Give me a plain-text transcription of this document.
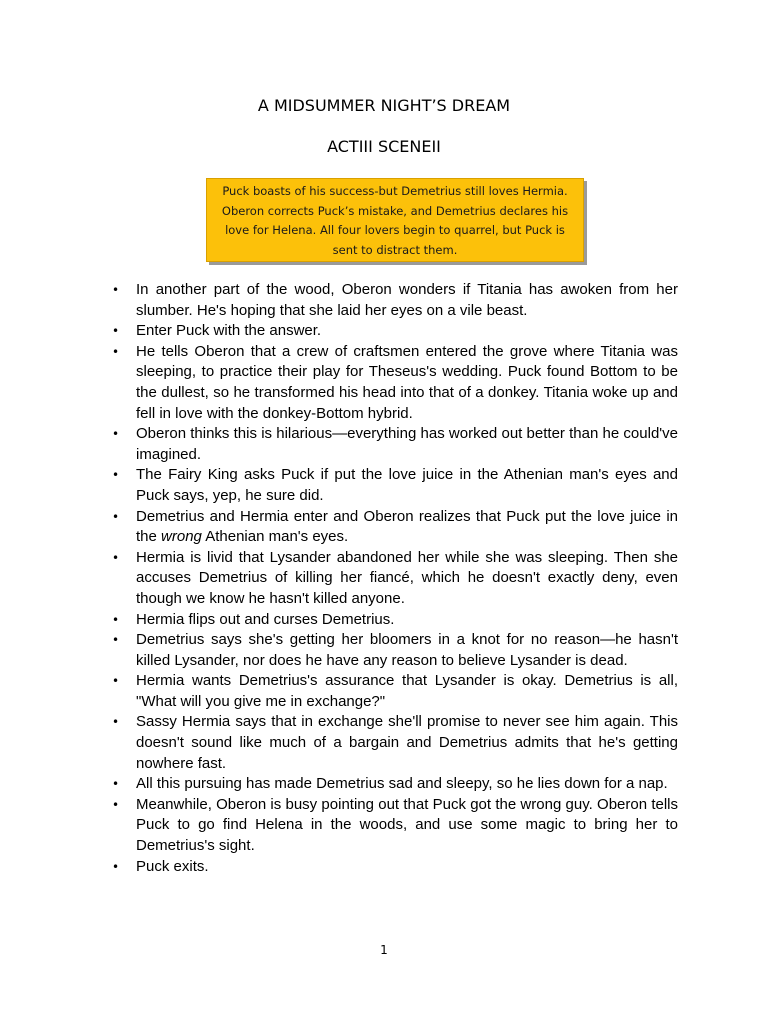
A MIDSUMMER NIGHT’S DREAM
ACTIII SCENEII
Puck boasts of his success-but Demetrius still loves Hermia.
Oberon corrects Puck’s mistake, and Demetrius declares his
love for Helena. All four lovers begin to quarrel, but Puck is
sent to distract them.
• In another part of the wood, Oberon wonders if Titania has awoken from her slumber. He's hoping that she laid her eyes on a vile beast.
• Enter Puck with the answer.
• He tells Oberon that a crew of craftsmen entered the grove where Titania was sleeping, to practice their play for Theseus's wedding. Puck found Bottom to be the dullest, so he transformed his head into that of a donkey. Titania woke up and fell in love with the donkey-Bottom hybrid.
• Oberon thinks this is hilarious—everything has worked out better than he could've imagined.
• The Fairy King asks Puck if put the love juice in the Athenian man's eyes and Puck says, yep, he sure did.
• Demetrius and Hermia enter and Oberon realizes that Puck put the love juice in the wrong Athenian man's eyes.
• Hermia is livid that Lysander abandoned her while she was sleeping. Then she accuses Demetrius of killing her fiancé, which he doesn't exactly deny, even though we know he hasn't killed anyone.
• Hermia flips out and curses Demetrius.
• Demetrius says she's getting her bloomers in a knot for no reason—he hasn't killed Lysander, nor does he have any reason to believe Lysander is dead.
• Hermia wants Demetrius's assurance that Lysander is okay. Demetrius is all, "What will you give me in exchange?"
• Sassy Hermia says that in exchange she'll promise to never see him again. This doesn't sound like much of a bargain and Demetrius admits that he's getting nowhere fast.
• All this pursuing has made Demetrius sad and sleepy, so he lies down for a nap.
• Meanwhile, Oberon is busy pointing out that Puck got the wrong guy. Oberon tells Puck to go find Helena in the woods, and use some magic to bring her to Demetrius's sight.
• Puck exits.
1
